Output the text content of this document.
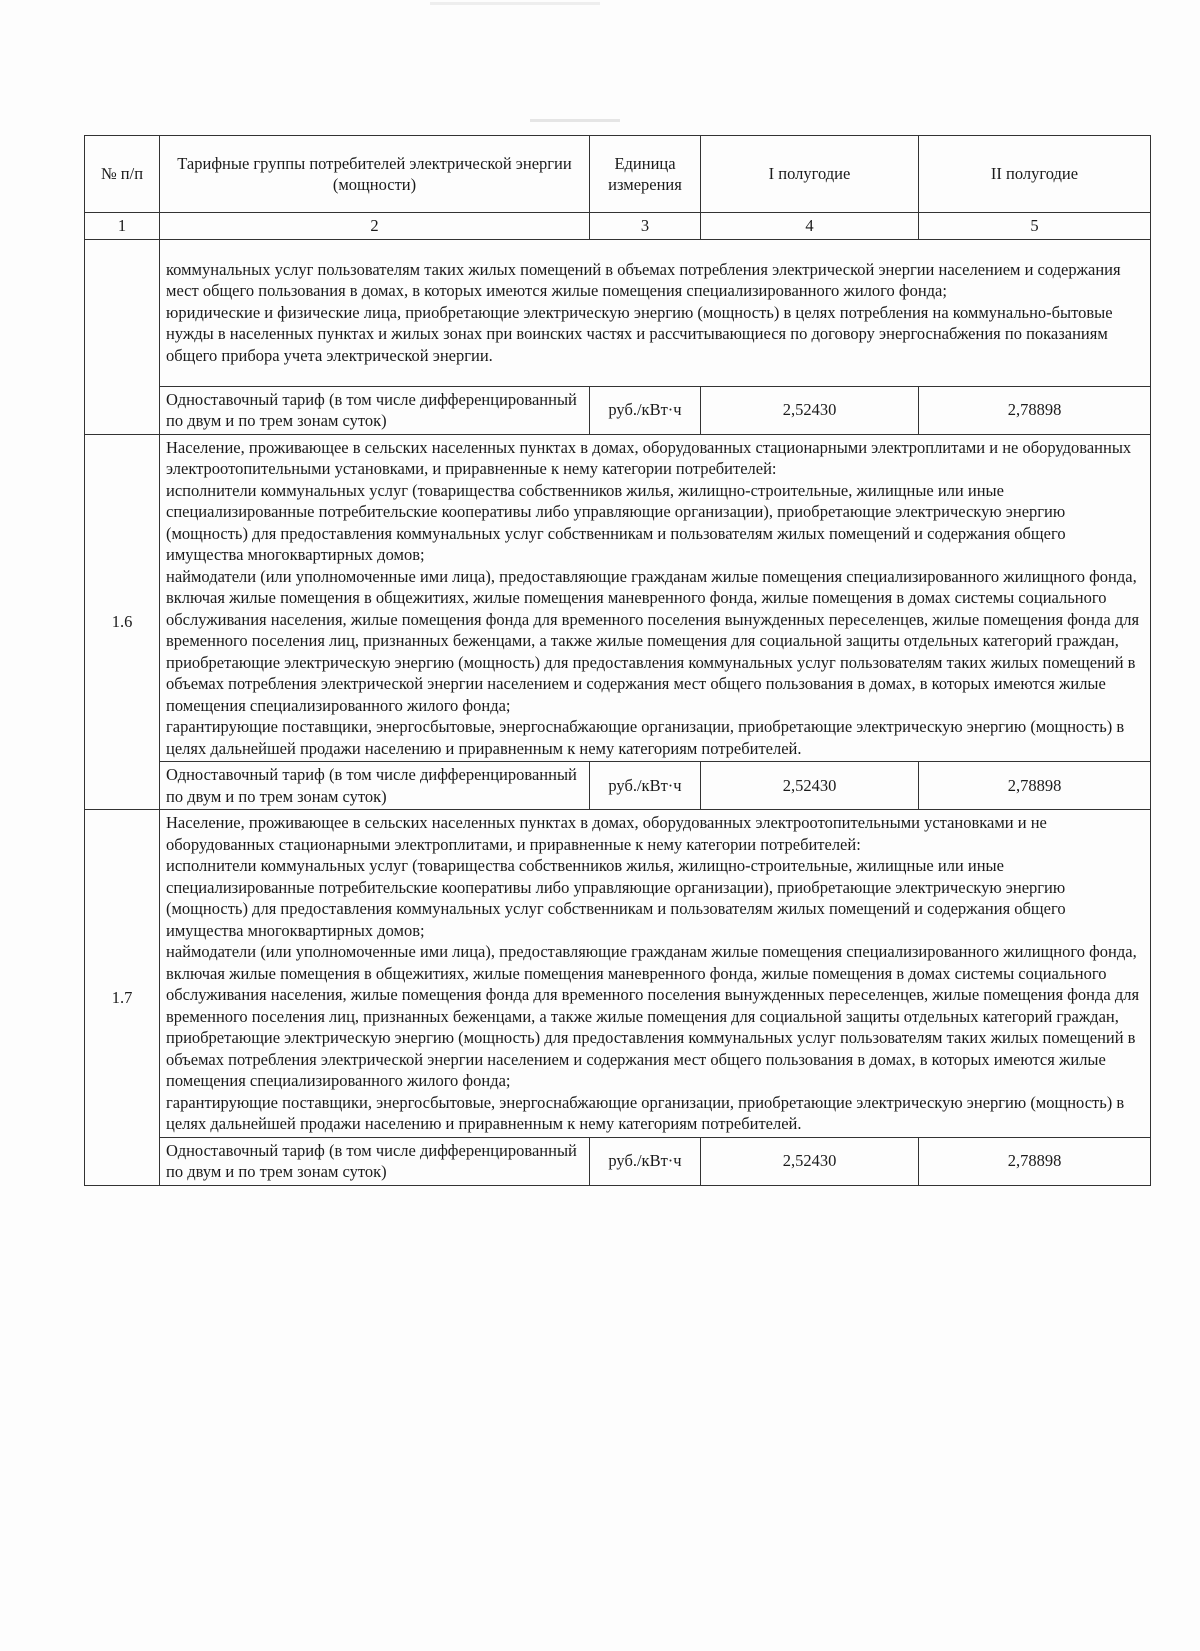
№ п/п	Тарифные группы потребителей электрической энергии (мощности)	Единица измерения	I полугодие	II полугодие
1	2	3	4	5

	коммунальных услуг пользователям таких жилых помещений в объемах потребления электрической энергии населением и содержания мест общего пользования в домах, в которых имеются жилые помещения специализированного жилого фонда;

юридические и физические лица, приобретающие электрическую энергию (мощность) в целях потребления на коммунально-бытовые нужды в населенных пунктах и жилых зонах при воинских частях и рассчитывающиеся по договору энергоснабжения по показаниям общего прибора учета электрической энергии.			

	Одноставочный тариф (в том числе дифференцированный по двум и по трем зонам суток)	руб./кВт·ч	2,52430	2,78898
1.6	Население, проживающее в сельских населенных пунктах в домах, оборудованных стационарными электроплитами и не оборудованных электроотопительными установками, и приравненные к нему категории потребителей:

исполнители коммунальных услуг (товарищества собственников жилья, жилищно-строительные, жилищные или иные специализированные потребительские кооперативы либо управляющие организации), приобретающие электрическую энергию (мощность) для предоставления коммунальных услуг собственникам и пользователям жилых помещений и содержания общего имущества многоквартирных домов;

наймодатели (или уполномоченные ими лица), предоставляющие гражданам жилые помещения специализированного жилищного фонда, включая жилые помещения в общежитиях, жилые помещения маневренного фонда, жилые помещения в домах системы социального обслуживания населения, жилые помещения фонда для временного поселения вынужденных переселенцев, жилые помещения фонда для временного поселения лиц, признанных беженцами, а также жилые помещения для социальной защиты отдельных категорий граждан, приобретающие электрическую энергию (мощность) для предоставления коммунальных услуг пользователям таких жилых помещений в объемах потребления электрической энергии населением и содержания мест общего пользования в домах, в которых имеются жилые помещения специализированного жилого фонда;

гарантирующие поставщики, энергосбытовые, энергоснабжающие организации, приобретающие электрическую энергию (мощность) в целях дальнейшей продажи населению и приравненным к нему категориям потребителей.			

	Одноставочный тариф (в том числе дифференцированный по двум и по трем зонам суток)	руб./кВт·ч	2,52430	2,78898
1.7	Население, проживающее в сельских населенных пунктах в домах, оборудованных электроотопительными установками и не оборудованных стационарными электроплитами, и приравненные к нему категории потребителей:

исполнители коммунальных услуг (товарищества собственников жилья, жилищно-строительные, жилищные или иные специализированные потребительские кооперативы либо управляющие организации), приобретающие электрическую энергию (мощность) для предоставления коммунальных услуг собственникам и пользователям жилых помещений и содержания общего имущества многоквартирных домов;

наймодатели (или уполномоченные ими лица), предоставляющие гражданам жилые помещения специализированного жилищного фонда, включая жилые помещения в общежитиях, жилые помещения маневренного фонда, жилые помещения в домах системы социального обслуживания населения, жилые помещения фонда для временного поселения вынужденных переселенцев, жилые помещения фонда для временного поселения лиц, признанных беженцами, а также жилые помещения для социальной защиты отдельных категорий граждан, приобретающие электрическую энергию (мощность) для предоставления коммунальных услуг пользователям таких жилых помещений в объемах потребления электрической энергии населением и содержания мест общего пользования в домах, в которых имеются жилые помещения специализированного жилого фонда;

гарантирующие поставщики, энергосбытовые, энергоснабжающие организации, приобретающие электрическую энергию (мощность) в целях дальнейшей продажи населению и приравненным к нему категориям потребителей.			

	Одноставочный тариф (в том числе дифференцированный по двум и по трем зонам суток)	руб./кВт·ч	2,52430	2,78898
